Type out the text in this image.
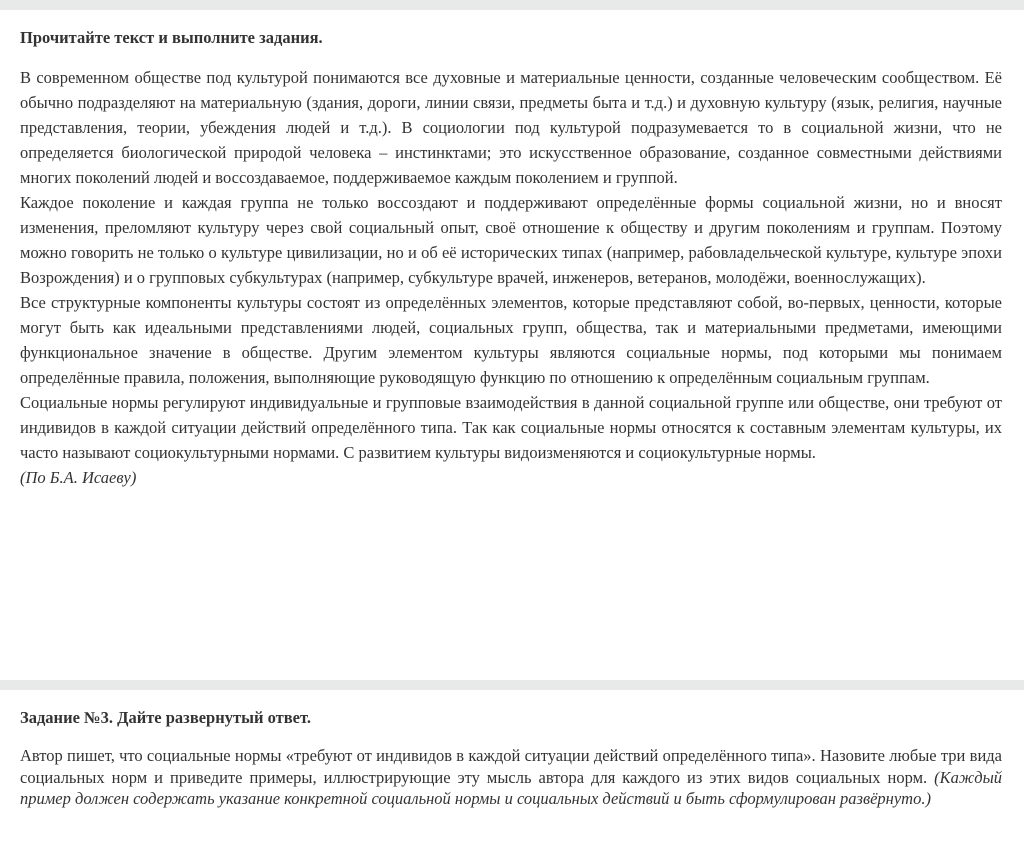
Прочитайте текст и выполните задания.

В современном обществе под культурой понимаются все духовные и материальные ценности, созданные человеческим сообществом. Её обычно подразделяют на материальную (здания, дороги, линии связи, предметы быта и т.д.) и духовную культуру (язык, религия, научные представления, теории, убеждения людей и т.д.). В социологии под культурой подразумевается то в социальной жизни, что не определяется биологической природой человека – инстинктами; это искусственное образование, созданное совместными действиями многих поколений людей и воссоздаваемое, поддерживаемое каждым поколением и группой.

Каждое поколение и каждая группа не только воссоздают и поддерживают определённые формы социальной жизни, но и вносят изменения, преломляют культуру через свой социальный опыт, своё отношение к обществу и другим поколениям и группам. Поэтому можно говорить не только о культуре цивилизации, но и об её исторических типах (например, рабовладельческой культуре, культуре эпохи Возрождения) и о групповых субкультурах (например, субкультуре врачей, инженеров, ветеранов, молодёжи, военнослужащих).

Все структурные компоненты культуры состоят из определённых элементов, которые представляют собой, во-первых, ценности, которые могут быть как идеальными представлениями людей, социальных групп, общества, так и материальными предметами, имеющими функциональное значение в обществе. Другим элементом культуры являются социальные нормы, под которыми мы понимаем определённые правила, положения, выполняющие руководящую функцию по отношению к определённым социальным группам.

Социальные нормы регулируют индивидуальные и групповые взаимодействия в данной социальной группе или обществе, они требуют от индивидов в каждой ситуации действий определённого типа. Так как социальные нормы относятся к составным элементам культуры, их часто называют социокультурными нормами. С развитием культуры видоизменяются и социокультурные нормы.

(По Б.А. Исаеву)

Задание №3. Дайте развернутый ответ.

Автор пишет, что социальные нормы «требуют от индивидов в каждой ситуации действий определённого типа». Назовите любые три вида социальных норм и приведите примеры, иллюстрирующие эту мысль автора для каждого из этих видов социальных норм. (Каждый пример должен содержать указание конкретной социальной нормы и социальных действий и быть сформулирован развёрнуто.)
